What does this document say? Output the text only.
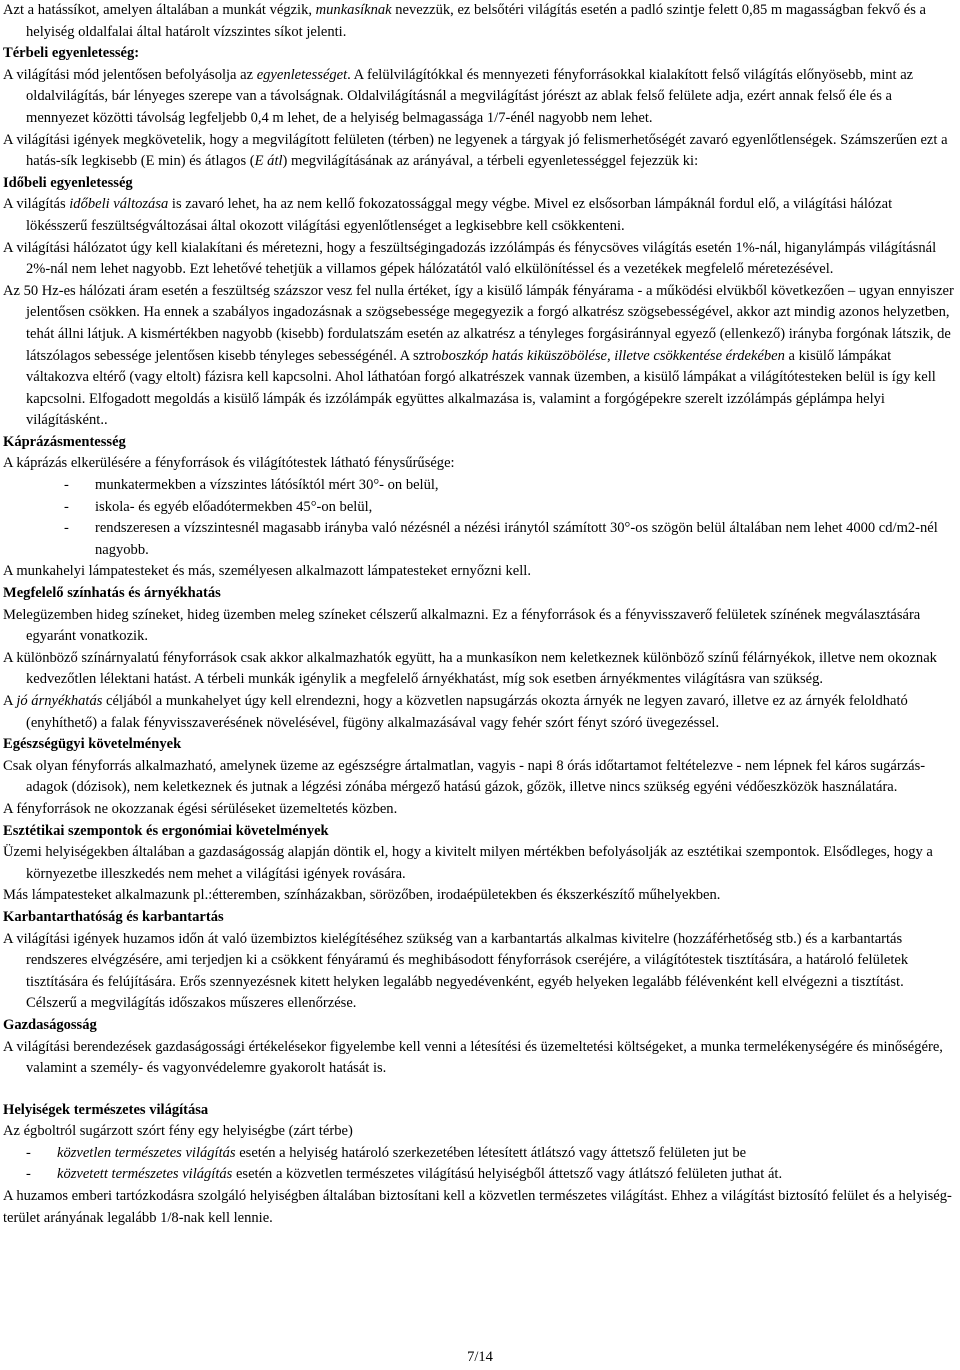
Azt a hatássíkot, amelyen általában a munkát végzik, munkasíknak nevezzük, ez belsőtéri világítás esetén a padló szintje felett 0,85 m magasságban fekvő és a helyiség oldalfalai által határolt vízszintes síkot jelenti.
Térbeli egyenletesség:
A világítási mód jelentősen befolyásolja az egyenletességet. A felülvilágítókkal és mennyezeti fényforrásokkal kialakított felső világítás előnyösebb, mint az oldalvilágítás, bár lényeges szerepe van a távolságnak. Oldalvilágításnál a megvilágítást jórészt az ablak felső felülete adja, ezért annak felső éle és a mennyezet közötti távolság legfeljebb 0,4 m lehet, de a helyiség belmagassága 1/7-énél nagyobb nem lehet.
A világítási igények megkövetelik, hogy a megvilágított felületen (térben) ne legyenek a tárgyak jó felismerhetőségét zavaró egyenlőtlenségek. Számszerűen ezt a hatás-sík legkisebb (E min) és átlagos (E átl) megvilágításának az arányával, a térbeli egyenletességgel fejezzük ki:
Időbeli egyenletesség
A világítás időbeli változása is zavaró lehet, ha az nem kellő fokozatossággal megy végbe. Mivel ez elsősorban lámpáknál fordul elő, a világítási hálózat lökésszerű feszültségváltozásai által okozott világítási egyenlőtlenséget a legkisebbre kell csökkenteni.
A világítási hálózatot úgy kell kialakítani és méretezni, hogy a feszültségingadozás izzólámpás és fénycsöves világítás esetén 1%-nál, higanylámpás világításnál 2%-nál nem lehet nagyobb. Ezt lehetővé tehetjük a villamos gépek hálózatától való elkülönítéssel és a vezetékek megfelelő méretezésével.
Az 50 Hz-es hálózati áram esetén a feszültség százszor vesz fel nulla értéket, így a kisülő lámpák fényárama - a működési elvükből következően – ugyan ennyiszer jelentősen csökken. Ha ennek a szabályos ingadozásnak a szögsebessége megegyezik a forgó alkatrész szögsebességével, akkor azt mindig azonos helyzetben, tehát állni látjuk. A kismértékben nagyobb (kisebb) fordulatszám esetén az alkatrész a tényleges forgásiránnyal egyező (ellenkező) irányba forgónak látszik, de látszólagos sebessége jelentősen kisebb tényleges sebességénél. A sztroboszkóp hatás kiküszöbölése, illetve csökkentése érdekében a kisülő lámpákat váltakozva eltérő (vagy eltolt) fázisra kell kapcsolni. Ahol láthatóan forgó alkatrészek vannak üzemben, a kisülő lámpákat a világítótesteken belül is így kell kapcsolni. Elfogadott megoldás a kisülő lámpák és izzólámpák együttes alkalmazása is, valamint a forgógépekre szerelt izzólámpás géplámpa helyi világításként..
Káprázásmentesség
A káprázás elkerülésére a fényforrások és világítótestek látható fénysűrűsége:
- munkatermekben a vízszintes látósíktól mért 30°- on belül,
- iskola- és egyéb előadótermekben 45°-on belül,
- rendszeresen a vízszintesnél magasabb irányba való nézésnél a nézési iránytól számított 30°-os szögön belül általában nem lehet 4000 cd/m2-nél nagyobb.
A munkahelyi lámpatesteket és más, személyesen alkalmazott lámpatesteket ernyőzni kell.
Megfelelő színhatás és árnyékhatás
Melegüzemben hideg színeket, hideg üzemben meleg színeket célszerű alkalmazni. Ez a fényforrások és a fényvisszaverő felületek színének megválasztására egyaránt vonatkozik.
A különböző színárnyalatú fényforrások csak akkor alkalmazhatók együtt, ha a munkasíkon nem keletkeznek különböző színű félárnyékok, illetve nem okoznak kedvezőtlen lélektani hatást. A térbeli munkák igénylik a megfelelő árnyékhatást, míg sok esetben árnyékmentes világításra van szükség.
A jó árnyékhatás céljából a munkahelyet úgy kell elrendezni, hogy a közvetlen napsugárzás okozta árnyék ne legyen zavaró, illetve ez az árnyék feloldható (enyhíthető) a falak fényvisszaverésének növelésével, fügöny alkalmazásával vagy fehér szórt fényt szóró üvegezéssel.
Egészségügyi követelmények
Csak olyan fényforrás alkalmazható, amelynek üzeme az egészségre ártalmatlan, vagyis - napi 8 órás időtartamot feltételezve - nem lépnek fel káros sugárzás-adagok (dózisok), nem keletkeznek és jutnak a légzési zónába mérgező hatású gázok, gőzök, illetve nincs szükség egyéni védőeszközök használatára.
A fényforrások ne okozzanak égési sérüléseket üzemeltetés közben.
Esztétikai szempontok és ergonómiai követelmények
Üzemi helyiségekben általában a gazdaságosság alapján döntik el, hogy a kivitelt milyen mértékben befolyásolják az esztétikai szempontok. Elsődleges, hogy a környezetbe illeszkedés nem mehet a világítási igények rovására.
Más lámpatesteket alkalmazunk pl.:étteremben, színházakban, sörözőben, irodaépületekben és ékszerkészítő műhelyekben.
Karbantarthatóság és karbantartás
A világítási igények huzamos időn át való üzembiztos kielégítéséhez szükség van a karbantartás alkalmas kivitelre (hozzáférhetőség stb.) és a karbantartás rendszeres elvégzésére, ami terjedjen ki a csökkent fényáramú és meghibásodott fényforrások cseréjére, a világítótestek tisztítására, a határoló felületek tisztítására és felújítására. Erős szennyezésnek kitett helyken legalább negyedévenként, egyéb helyeken legalább félévenként kell elvégezni a tisztítást. Célszerű a megvilágítás időszakos műszeres ellenőrzése.
Gazdaságosság
A világítási berendezések gazdaságossági értékelésekor figyelembe kell venni a létesítési és üzemeltetési költségeket, a munka termelékenységére és minőségére, valamint a személy- és vagyonvédelemre gyakorolt hatását is.
Helyiségek természetes világítása
Az égboltról sugárzott szórt fény egy helyiségbe (zárt térbe)
- közvetlen természetes világítás esetén a helyiség határoló szerkezetében létesített átlátszó vagy áttetsző felületen jut be
- közvetett természetes világítás esetén a közvetlen természetes világítású helyiségből áttetsző vagy átlátszó felületen juthat át.
A huzamos emberi tartózkodásra szolgáló helyiségben általában biztosítani kell a közvetlen természetes világítást. Ehhez a világítást biztosító felület és a helyiség-terület arányának legalább 1/8-nak kell lennie.
7/14
